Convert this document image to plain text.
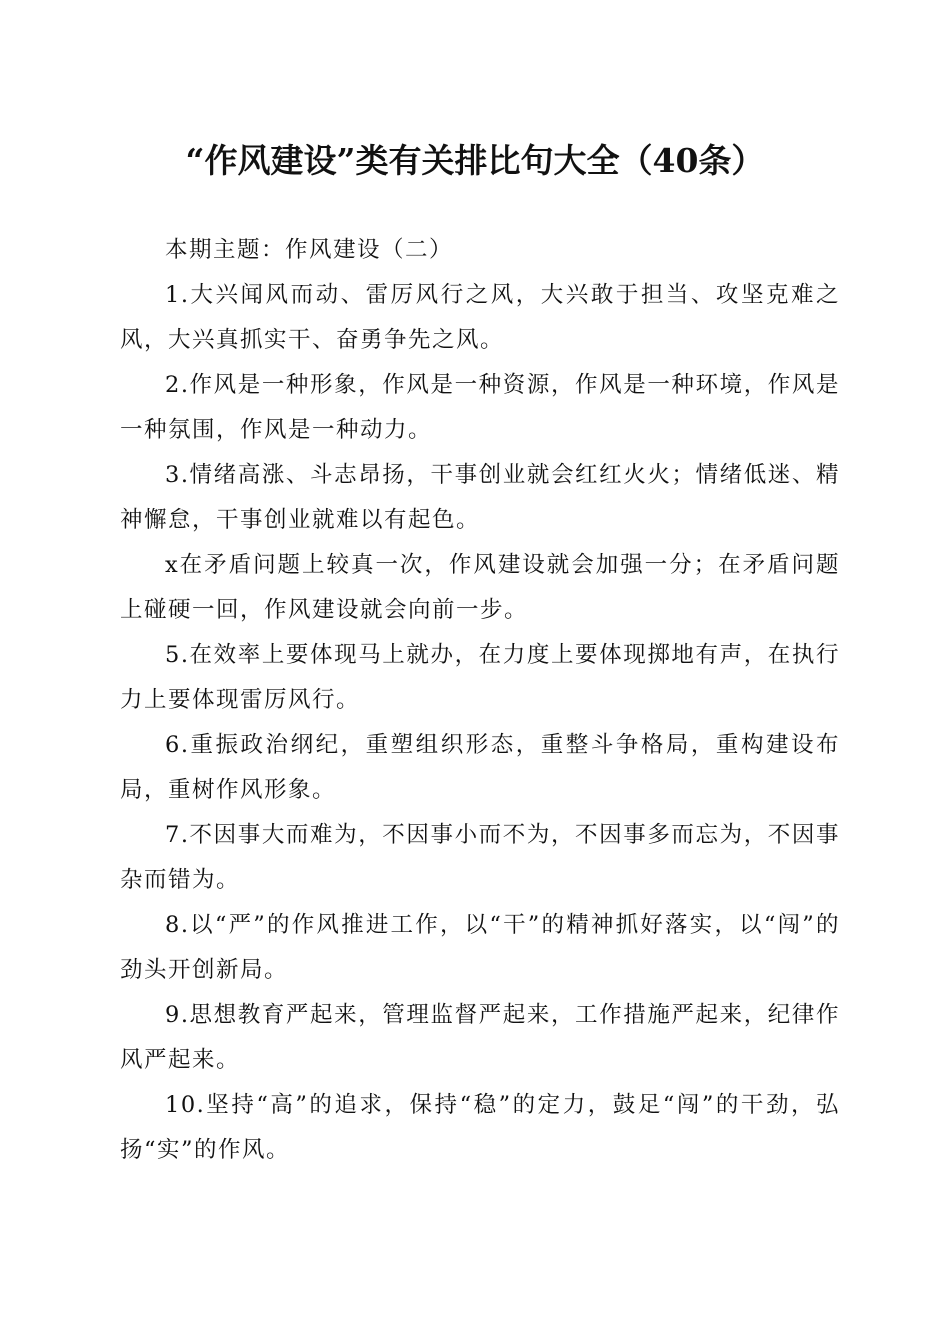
“作风建设”类有关排比句大全（40条）

本期主题：作风建设（二）

1.大兴闻风而动、雷厉风行之风，大兴敢于担当、攻坚克难之风，大兴真抓实干、奋勇争先之风。

2.作风是一种形象，作风是一种资源，作风是一种环境，作风是一种氛围，作风是一种动力。

3.情绪高涨、斗志昂扬，干事创业就会红红火火；情绪低迷、精神懈怠，干事创业就难以有起色。

x在矛盾问题上较真一次，作风建设就会加强一分；在矛盾问题上碰硬一回，作风建设就会向前一步。

5.在效率上要体现马上就办，在力度上要体现掷地有声，在执行力上要体现雷厉风行。

6.重振政治纲纪，重塑组织形态，重整斗争格局，重构建设布局，重树作风形象。

7.不因事大而难为，不因事小而不为，不因事多而忘为，不因事杂而错为。

8.以“严”的作风推进工作，以“干”的精神抓好落实，以“闯”的劲头开创新局。

9.思想教育严起来，管理监督严起来，工作措施严起来，纪律作风严起来。

10.坚持“高”的追求，保持“稳”的定力，鼓足“闯”的干劲，弘扬“实”的作风。
